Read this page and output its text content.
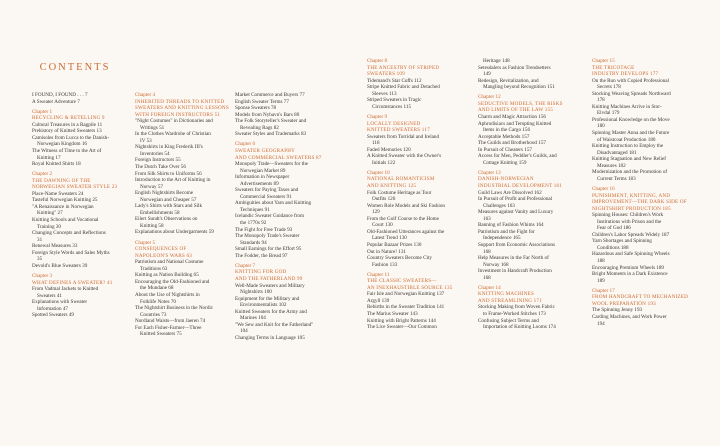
CONTENTS
I FOUND, I FOUND . . . 7
A Sweater Adventure 7
Chapter 1
RECYCLING & RETELLING 9
Cultural Treasures in a Ragpile 11
Prehistory of Knitted Sweaters 13
Camisoles from Lucca to the Danish-
Norwegian Kingdom 16
The Witness of Time to the Art of
Knitting 17
Royal Knitted Shirts 18
Chapter 2
THE DAWNING OF THE
NORWEGIAN SWEATER STYLE 23
Place-Name Sweaters 24
Tasteful Norwegian Knitting 25
"A Renaissance in Norwegian
Knitting" 27
Knitting Schools and Vocational
Training 30
Changing Concepts and Reflections
31
Renewal Measures 33
Foreign Style Words and Sales Myths
35
Devold's Blue Sweaters 39
Chapter 3
WHAT DEFINES A SWEATER? 41
From Vadmal Jackets to Knitted
Sweaters 41
Explanations with Sweater
Information 47
Spotted Sweaters 49
Chapter 4
INHERITED THREADS TO KNITTED
SWEATERS AND KNITTING LESSONS
WITH FOREIGN INSTRUCTORS 51
"Night Costumes" in Dictionaries and
Writings 51
In the Clothes Wardrobe of Christian
IV 53
Nightshirts in King Frederik III's
Inventories 54
Foreign Instructors 55
The Dutch Take Over 56
From Silk Shirts to Uniforms 56
Introduction to the Art of Knitting in
Norway 57
English Nightshirts Become
Norwegian and Cheaper 57
Lady's Shirts with Stars and Silk
Embellishments 58
Eilert Sundt's Observations on
Knitting 58
Explanations about Undergarments 59
Chapter 5
CONSEQUENCES OF
NAPOLEON'S WARS 63
Patriotism and National Costume
Traditions 63
Knitting as Nation Building 65
Encouraging the Old-Fashioned and
the Mundane 68
About the Use of Nightshirts in
Folklife Notes 70
The Nightshirt Business in the Nordic
Countries 73
Nordland Waists—from Jaeren 74
For Each Fisher-Farmer—Three
Knitted Sweaters 75
Market Commerce and Buyers 77
English Sweater Terms 77
Sponse Sweaters 78
Models from Nyhavn's Bars 80
The Folk Storyteller's Sweater and
Revealing Rags 82
Sweater Styles and Trademarks 83
Chapter 6
SWEATER GEOGRAPHY
AND COMMERCIAL SWEATERS 87
Monopoly Trade—Sweaters for the
Norwegian Market 89
Information in Newspaper
Advertisements 89
Sweaters for Paying Taxes and
Commercial Sweaters 91
Ambiguities about Yarn and Knitting
Techniques 91
Icelandic Sweater Guidance from
the 1770s 92
The Fight for Free Trade 93
The Monopoly Trade's Sweater
Standards 94
Small Earnings for the Effort 95
The Fodder, the Bread 97
Chapter 7
KNITTING FOR GOD
AND THE FATHERLAND 99
Well-Made Sweaters and Military
Nightshirts 100
Equipment for the Military and
Environmentalists 102
Knitted Sweaters for the Army and
Marines 104
"We Sew and Knit for the Fatherland"
104
Changing Terms in Language 105
Chapter 8
THE ANCESTRY OF STRIPED
SWEATERS 109
Tidemand's Star Cuffs 112
Stripe Knitted Fabric and Detached
Sleeves 113
Striped Sweaters in Tragic
Circumstances 115
Chapter 9
LOCALLY DESIGNED
KNITTED SWEATERS 117
Sweaters from Torridal and Ireland
118
Faded Memories 120
A Knitted Sweater with the Owner's
Initials 122
Chapter 10
NATIONAL ROMANTICISM
AND KNITTING 125
Folk Costume Heritage as Tour
Outfits 126
Women Role Models and Ski Fashion
129
From the Golf Course to the Home
Court 130
Old-Fashioned Utterances against the
Latest Trend 130
Popular Bazaar Prizes 130
Out in Nature! 131
Country Sweaters Become City
Fashion 133
Chapter 11
THE CLASSIC SWEATERS—
AN INEXHAUSTIBLE SOURCE 135
Fair Isle and Norwegian Knitting 137
Argyll 139
Rebirths in the Sweater Tradition 141
The Marius Sweater 143
Knitting with Bright Patterns 144
The Lice Sweater—Our Common
Heritage 148
Setesdalers as Fashion Trendsetters
149
Redesign, Revitalization, and
Mangling beyond Recognition 151
Chapter 12
SEDUCTIVE MODELS, THE RISKS
AND LIMITS OF THE LAW 155
Charm and Magic Attraction 156
Aphrodisiacs and Tempting Knitted
Items in the Cargo 156
Acceptable Methods 157
The Guilds and Brotherhood 157
In Pursuit of Cheaters 157
Access for Men, Peddler's Guilds, and
Cottage Knitting 159
Chapter 13
DANISH-NORWEGIAN
INDUSTRIAL DEVELOPMENT 161
Guild Laws Are Dissolved 162
In Pursuit of Profit and Professional
Challenges 163
Measures against Vanity and Luxury
163
Banning of Fashion Whims 164
Patriotism and the Fight for
Independence 165
Support from Economic Associations
168
Help Measures in the Far North of
Norway 168
Investment in Handcraft Production
168
Chapter 14
KNITTING MACHINES
AND STREAMLINING 171
Stocking Making from Woven Fabric
to Frame-Worked Stitches 173
Confusing Subject Terms and
Importation of Knitting Looms 174
Chapter 15
THE TRICOTAGE
INDUSTRY DEVELOPS 177
On the Run with Copied Professional
Secrets 178
Stocking Weaving Spreads Northward
178
Knitting Machines Arrive in Stor-
Elvdal 179
Professional Knowledge on the Move
180
Spinning Master Anna and the Future
of Waistcoat Production 180
Knitting Instruction to Employ the
Disadvantaged 181
Knitting Stagnation and New Relief
Measures 182
Modernization and the Promotion of
Current Terms 183
Chapter 16
PUNISHMENT, KNITTING, AND
IMPROVEMENT—THE DARK SIDE OF
NIGHTSHIRT PRODUCTION 185
Spinning Houses: Children's Work
Institutions with Prison and the
Fear of God 186
Children's Labor Spreads Widely 187
Yarn Shortages and Spinning
Conditions 188
Hazardous and Safe Spinning Wheels
188
Encouraging Premium Wheels 189
Bright Moments in a Dark Existence
189
Chapter 17
FROM HANDCRAFT TO MECHANIZED
WOOL PREPARATION 193
The Spinning Jenny 193
Carding Machines, and Work Power
194
